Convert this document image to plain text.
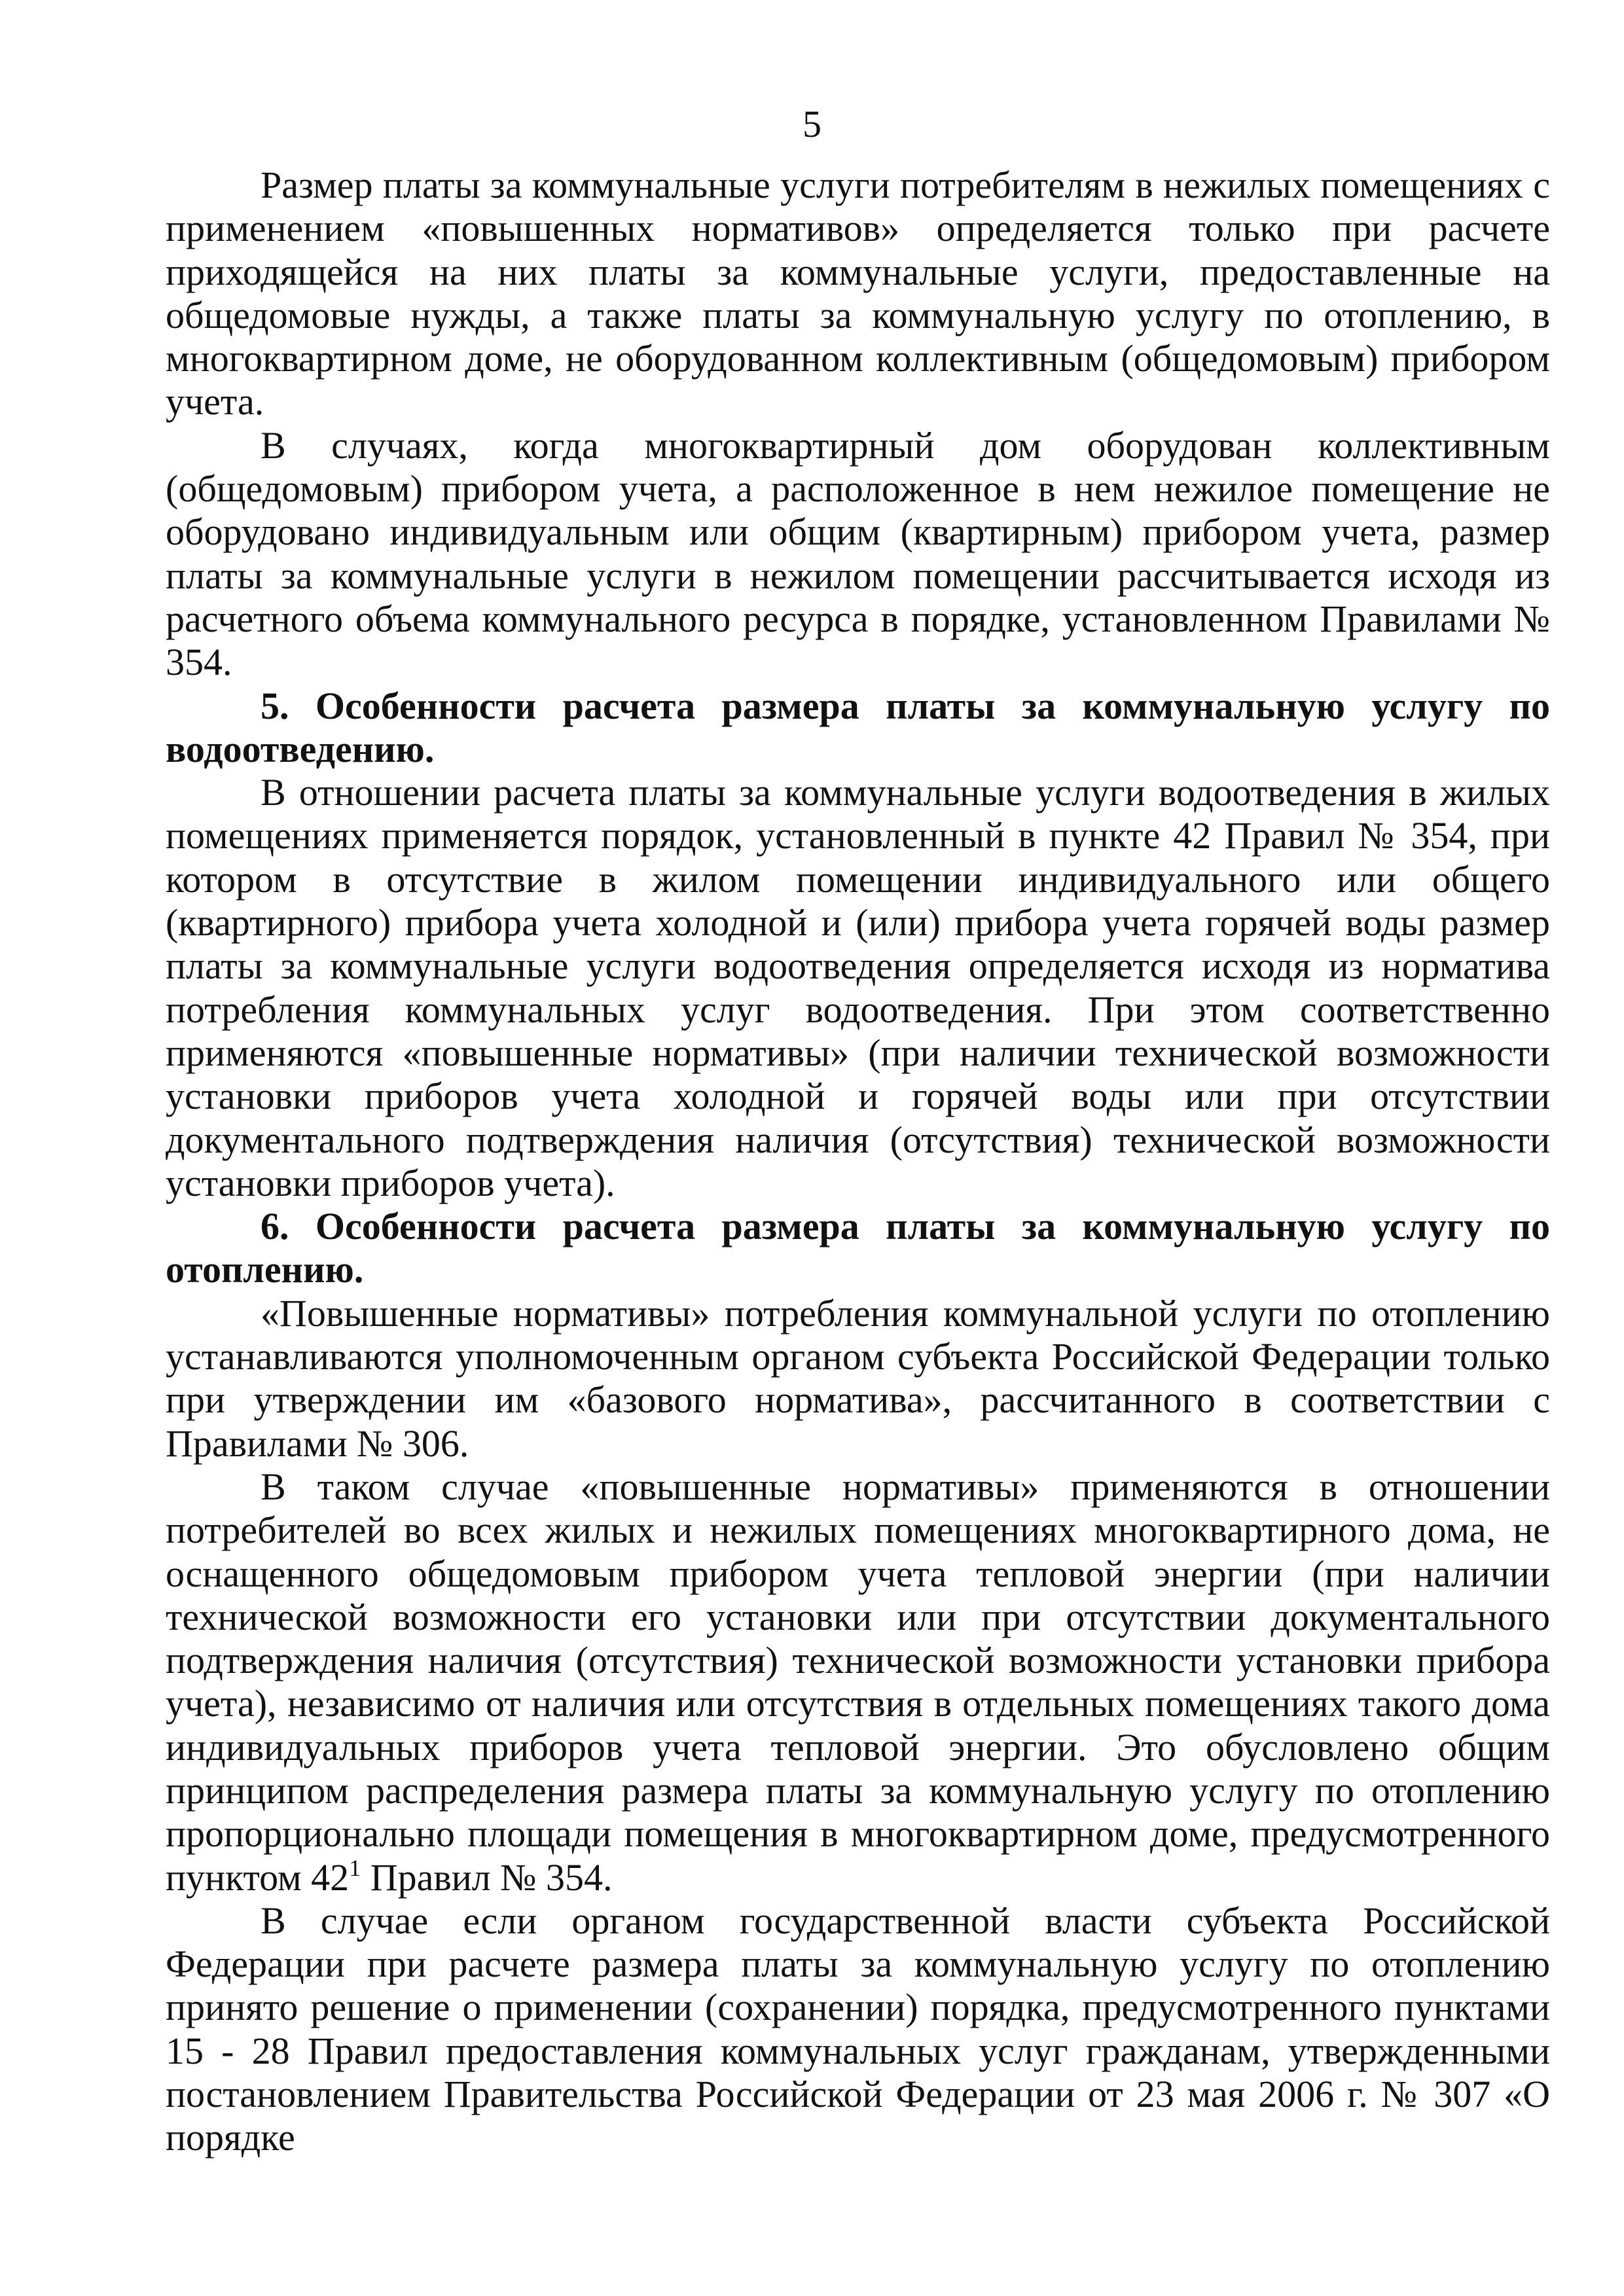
5

Размер платы за коммунальные услуги потребителям в нежилых помещениях с применением «повышенных нормативов» определяется только при расчете приходящейся на них платы за коммунальные услуги, предоставленные на общедомовые нужды, а также платы за коммунальную услугу по отоплению, в многоквартирном доме, не оборудованном коллективным (общедомовым) прибором учета.

В случаях, когда многоквартирный дом оборудован коллективным (общедомовым) прибором учета, а расположенное в нем нежилое помещение не оборудовано индивидуальным или общим (квартирным) прибором учета, размер платы за коммунальные услуги в нежилом помещении рассчитывается исходя из расчетного объема коммунального ресурса в порядке, установленном Правилами № 354.

5. Особенности расчета размера платы за коммунальную услугу по водоотведению.

В отношении расчета платы за коммунальные услуги водоотведения в жилых помещениях применяется порядок, установленный в пункте 42 Правил № 354, при котором в отсутствие в жилом помещении индивидуального или общего (квартирного) прибора учета холодной и (или) прибора учета горячей воды размер платы за коммунальные услуги водоотведения определяется исходя из норматива потребления коммунальных услуг водоотведения. При этом соответственно применяются «повышенные нормативы» (при наличии технической возможности установки приборов учета холодной и горячей воды или при отсутствии документального подтверждения наличия (отсутствия) технической возможности установки приборов учета).

6. Особенности расчета размера платы за коммунальную услугу по отоплению.

«Повышенные нормативы» потребления коммунальной услуги по отоплению устанавливаются уполномоченным органом субъекта Российской Федерации только при утверждении им «базового норматива», рассчитанного в соответствии с Правилами № 306.

В таком случае «повышенные нормативы» применяются в отношении потребителей во всех жилых и нежилых помещениях многоквартирного дома, не оснащенного общедомовым прибором учета тепловой энергии (при наличии технической возможности его установки или при отсутствии документального подтверждения наличия (отсутствия) технической возможности установки прибора учета), независимо от наличия или отсутствия в отдельных помещениях такого дома индивидуальных приборов учета тепловой энергии. Это обусловлено общим принципом распределения размера платы за коммунальную услугу по отоплению пропорционально площади помещения в многоквартирном доме, предусмотренного пунктом $42^1$ Правил № 354.

В случае если органом государственной власти субъекта Российской Федерации при расчете размера платы за коммунальную услугу по отоплению принято решение о применении (сохранении) порядка, предусмотренного пунктами 15 - 28 Правил предоставления коммунальных услуг гражданам, утвержденными постановлением Правительства Российской Федерации от 23 мая 2006 г. № 307 «О порядке
